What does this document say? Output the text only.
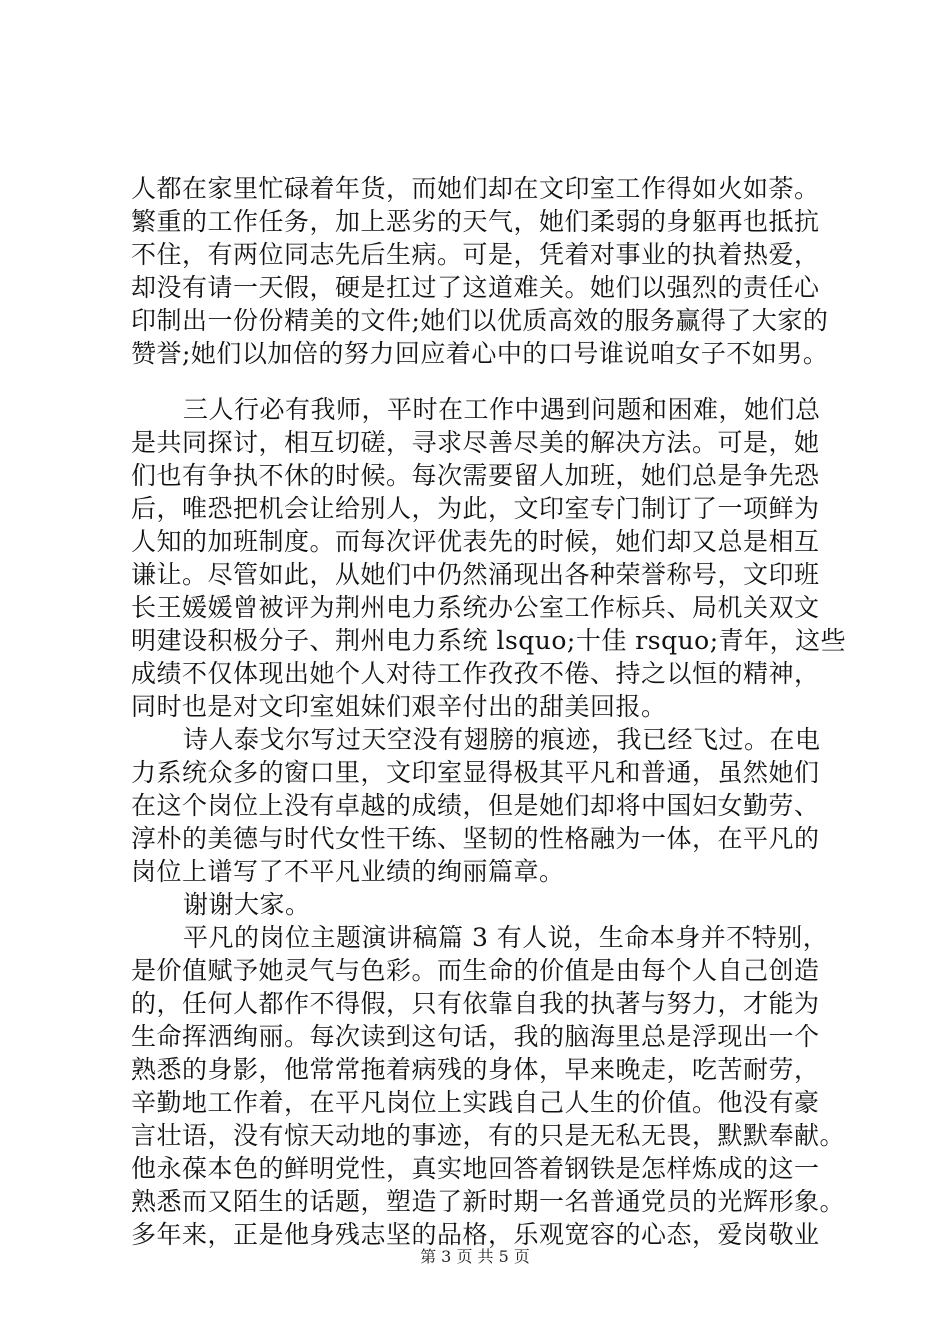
人都在家里忙碌着年货，而她们却在文印室工作得如火如荼。
繁重的工作任务，加上恶劣的天气，她们柔弱的身躯再也抵抗
不住，有两位同志先后生病。可是，凭着对事业的执着热爱，
却没有请一天假，硬是扛过了这道难关。她们以强烈的责任心
印制出一份份精美的文件;她们以优质高效的服务赢得了大家的
赞誉;她们以加倍的努力回应着心中的口号谁说咱女子不如男。
三人行必有我师，平时在工作中遇到问题和困难，她们总
是共同探讨，相互切磋，寻求尽善尽美的解决方法。可是，她
们也有争执不休的时候。每次需要留人加班，她们总是争先恐
后，唯恐把机会让给别人，为此，文印室专门制订了一项鲜为
人知的加班制度。而每次评优表先的时候，她们却又总是相互
谦让。尽管如此，从她们中仍然涌现出各种荣誉称号，文印班
长王媛媛曾被评为荆州电力系统办公室工作标兵、局机关双文
明建设积极分子、荆州电力系统 lsquo;十佳 rsquo;青年，这些
成绩不仅体现出她个人对待工作孜孜不倦、持之以恒的精神，
同时也是对文印室姐妹们艰辛付出的甜美回报。
诗人泰戈尔写过天空没有翅膀的痕迹，我已经飞过。在电
力系统众多的窗口里，文印室显得极其平凡和普通，虽然她们
在这个岗位上没有卓越的成绩，但是她们却将中国妇女勤劳、
淳朴的美德与时代女性干练、坚韧的性格融为一体，在平凡的
岗位上谱写了不平凡业绩的绚丽篇章。
谢谢大家。
平凡的岗位主题演讲稿篇 3 有人说，生命本身并不特别，
是价值赋予她灵气与色彩。而生命的价值是由每个人自己创造
的，任何人都作不得假，只有依靠自我的执著与努力，才能为
生命挥洒绚丽。每次读到这句话，我的脑海里总是浮现出一个
熟悉的身影，他常常拖着病残的身体，早来晚走，吃苦耐劳，
辛勤地工作着，在平凡岗位上实践自己人生的价值。他没有豪
言壮语，没有惊天动地的事迹，有的只是无私无畏，默默奉献。
他永葆本色的鲜明党性，真实地回答着钢铁是怎样炼成的这一
熟悉而又陌生的话题，塑造了新时期一名普通党员的光辉形象。
多年来，正是他身残志坚的品格，乐观宽容的心态，爱岗敬业
第 3 页 共 5 页
